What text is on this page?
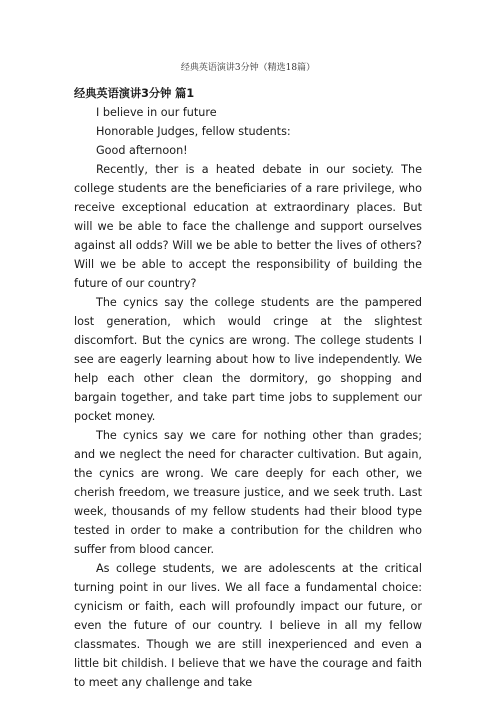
经典英语演讲3分钟（精选18篇）
经典英语演讲3分钟 篇1

I believe in our future

Honorable Judges, fellow students:

Good afternoon!

Recently, ther is a heated debate in our society. The college students are the beneficiaries of a rare privilege, who receive exceptional education at extraordinary places. But will we be able to face the challenge and support ourselves against all odds? Will we be able to better the lives of others? Will we be able to accept the responsibility of building the future of our country?

The cynics say the college students are the pampered lost generation, which would cringe at the slightest discomfort. But the cynics are wrong. The college students I see are eagerly learning about how to live independently. We help each other clean the dormitory, go shopping and bargain together, and take part time jobs to supplement our pocket money.

The cynics say we care for nothing other than grades; and we neglect the need for character cultivation. But again, the cynics are wrong. We care deeply for each other, we cherish freedom, we treasure justice, and we seek truth. Last week, thousands of my fellow students had their blood type tested in order to make a contribution for the children who suffer from blood cancer.

As college students, we are adolescents at the critical turning point in our lives. We all face a fundamental choice: cynicism or faith, each will profoundly impact our future, or even the future of our country. I believe in all my fellow classmates. Though we are still inexperienced and even a little bit childish. I believe that we have the courage and faith to meet any challenge and take
